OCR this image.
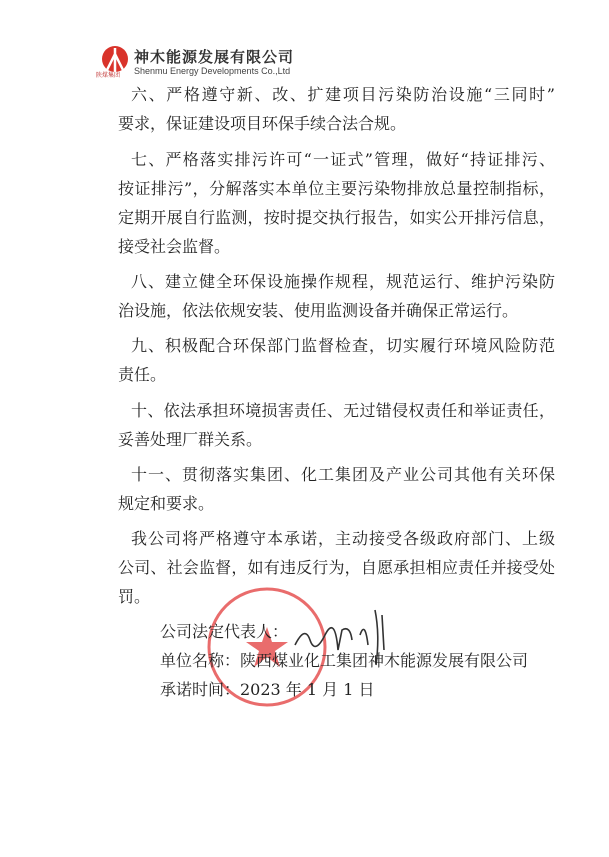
陕煤集团
神木能源发展有限公司
Shenmu Energy Developments Co.,Ltd
六、严格遵守新、改、扩建项目污染防治设施“三同时”
要求，保证建设项目环保手续合法合规。
七、严格落实排污许可“一证式”管理，做好“持证排污、
按证排污”，分解落实本单位主要污染物排放总量控制指标，
定期开展自行监测，按时提交执行报告，如实公开排污信息，
接受社会监督。
八、建立健全环保设施操作规程，规范运行、维护污染防
治设施，依法依规安装、使用监测设备并确保正常运行。
九、积极配合环保部门监督检查，切实履行环境风险防范
责任。
十、依法承担环境损害责任、无过错侵权责任和举证责任，
妥善处理厂群关系。
十一、贯彻落实集团、化工集团及产业公司其他有关环保
规定和要求。
我公司将严格遵守本承诺，主动接受各级政府部门、上级
公司、社会监督，如有违反行为，自愿承担相应责任并接受处
罚。
公司法定代表人：
单位名称：陕西煤业化工集团神木能源发展有限公司
承诺时间：2023 年 1 月 1 日
